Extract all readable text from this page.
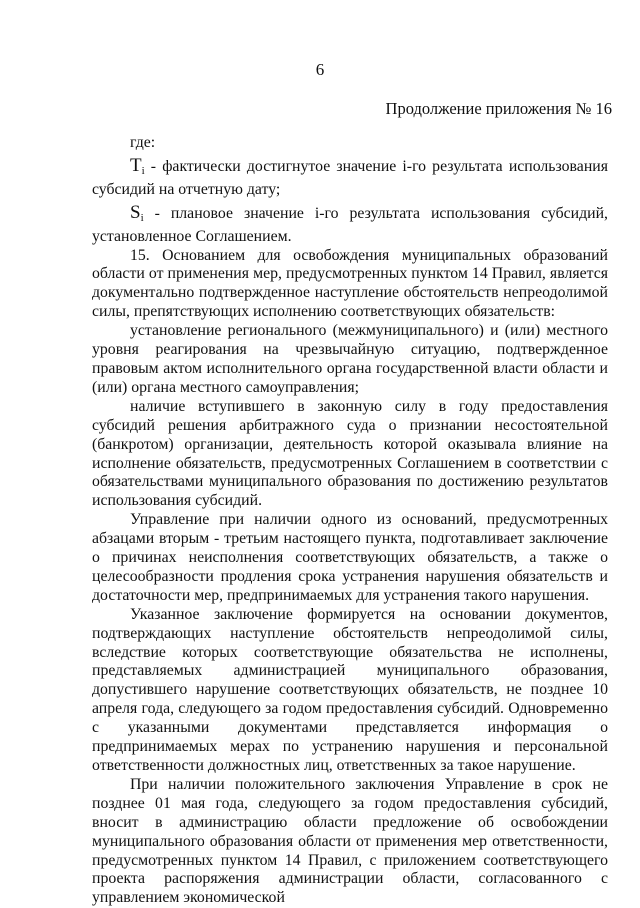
6
Продолжение приложения № 16

где:

$T_i$ - фактически достигнутое значение i-го результата использования субсидий на отчетную дату;

$S_i$ - плановое значение i-го результата использования субсидий, установленное Соглашением.

15. Основанием для освобождения муниципальных образований области от применения мер, предусмотренных пунктом 14 Правил, является документально подтвержденное наступление обстоятельств непреодолимой силы, препятствующих исполнению соответствующих обязательств:

установление регионального (межмуниципального) и (или) местного уровня реагирования на чрезвычайную ситуацию, подтвержденное правовым актом исполнительного органа государственной власти области и (или) органа местного самоуправления;

наличие вступившего в законную силу в году предоставления субсидий решения арбитражного суда о признании несостоятельной (банкротом) организации, деятельность которой оказывала влияние на исполнение обязательств, предусмотренных Соглашением в соответствии с обязательствами муниципального образования по достижению результатов использования субсидий.

Управление при наличии одного из оснований, предусмотренных абзацами вторым - третьим настоящего пункта, подготавливает заключение о причинах неисполнения соответствующих обязательств, а также о целесообразности продления срока устранения нарушения обязательств и достаточности мер, предпринимаемых для устранения такого нарушения.

Указанное заключение формируется на основании документов, подтверждающих наступление обстоятельств непреодолимой силы, вследствие которых соответствующие обязательства не исполнены, представляемых администрацией муниципального образования, допустившего нарушение соответствующих обязательств, не позднее 10 апреля года, следующего за годом предоставления субсидий. Одновременно с указанными документами представляется информация о предпринимаемых мерах по устранению нарушения и персональной ответственности должностных лиц, ответственных за такое нарушение.

При наличии положительного заключения Управление в срок не позднее 01 мая года, следующего за годом предоставления субсидий, вносит в администрацию области предложение об освобождении муниципального образования области от применения мер ответственности, предусмотренных пунктом 14 Правил, с приложением соответствующего проекта распоряжения администрации области, согласованного с управлением экономической
